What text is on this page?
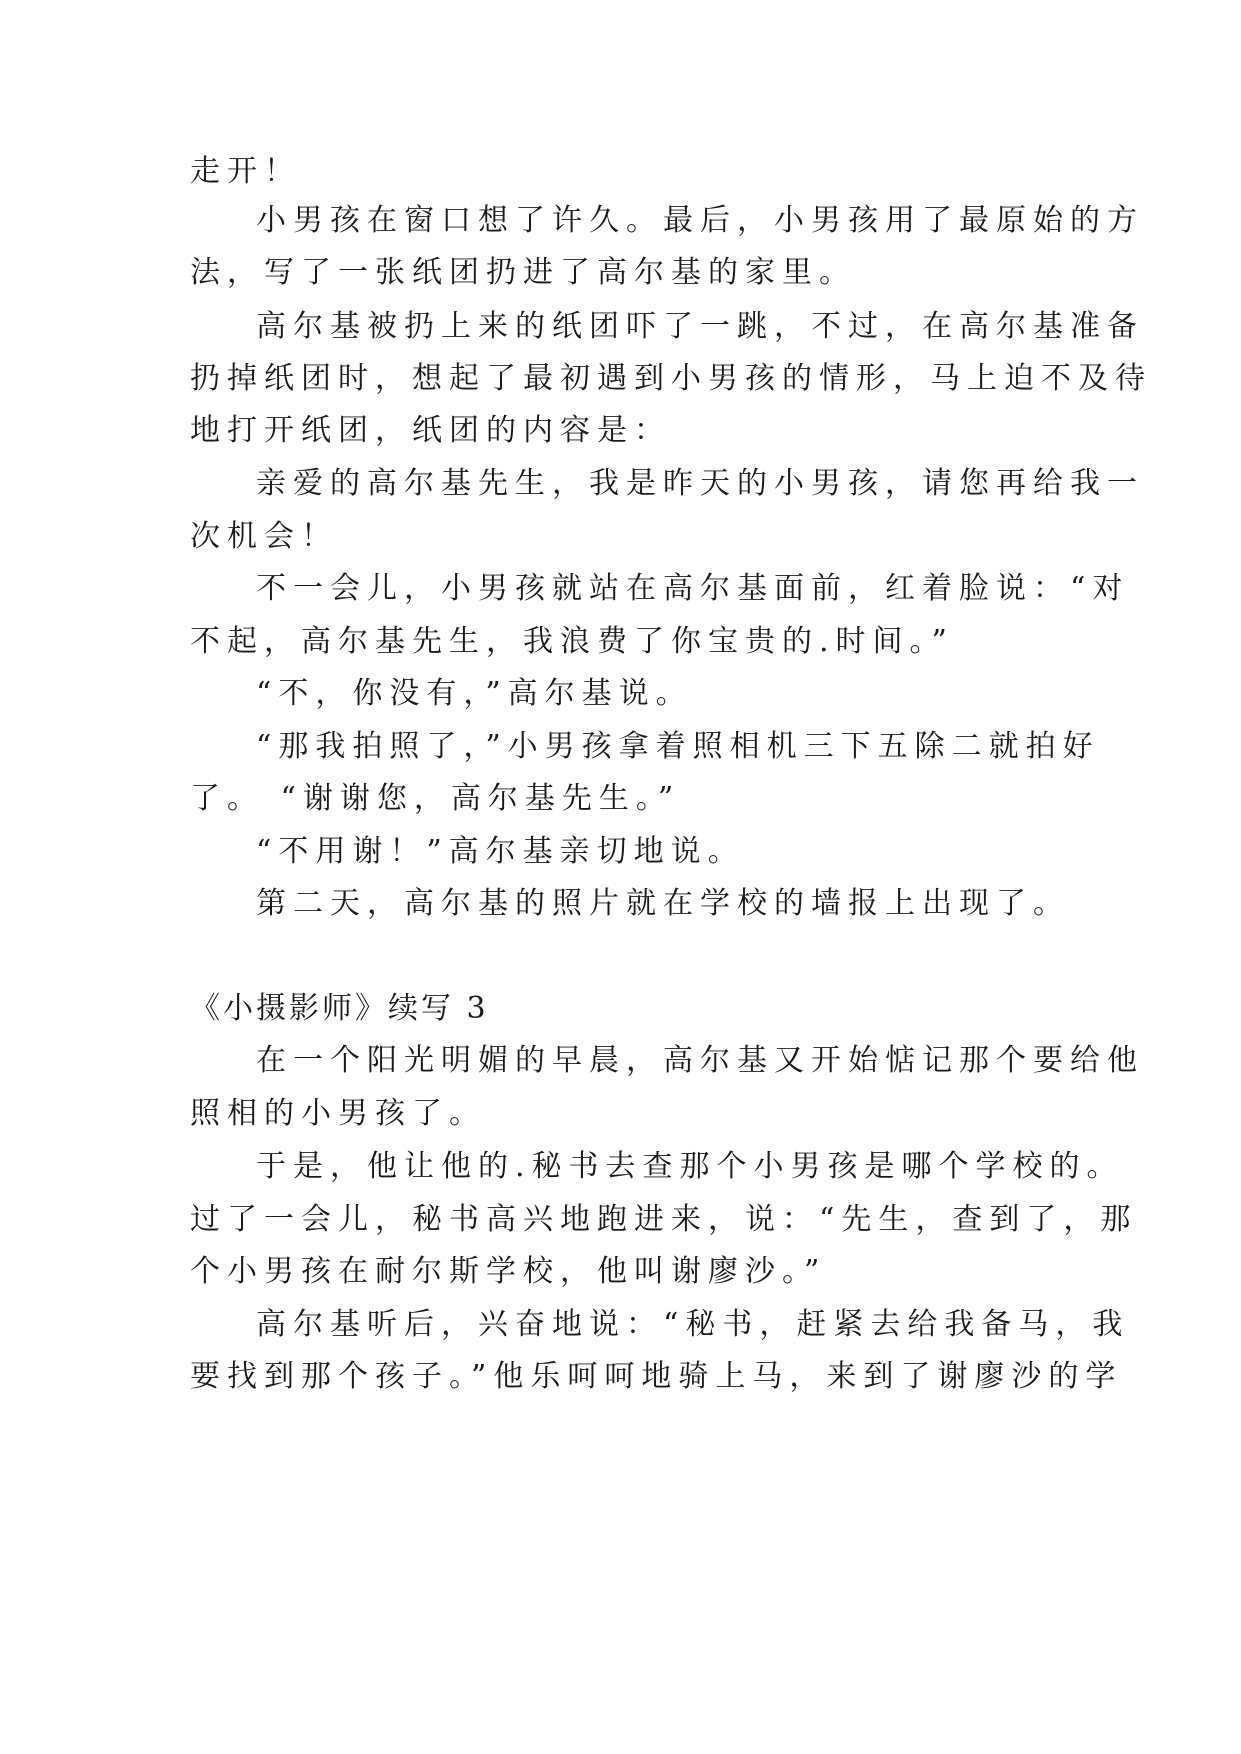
走开！
小男孩在窗口想了许久。最后，小男孩用了最原始的方
法，写了一张纸团扔进了高尔基的家里。
高尔基被扔上来的纸团吓了一跳，不过，在高尔基准备
扔掉纸团时，想起了最初遇到小男孩的情形，马上迫不及待
地打开纸团，纸团的内容是：
亲爱的高尔基先生，我是昨天的小男孩，请您再给我一
次机会！
不一会儿，小男孩就站在高尔基面前，红着脸说：“对
不起，高尔基先生，我浪费了你宝贵的.时间。”
“不，你没有，”高尔基说。
“那我拍照了，”小男孩拿着照相机三下五除二就拍好
了。 “谢谢您，高尔基先生。”
“不用谢！”高尔基亲切地说。
第二天，高尔基的照片就在学校的墙报上出现了。
《小摄影师》续写 3
在一个阳光明媚的早晨，高尔基又开始惦记那个要给他
照相的小男孩了。
于是，他让他的.秘书去查那个小男孩是哪个学校的。
过了一会儿，秘书高兴地跑进来，说：“先生，查到了，那
个小男孩在耐尔斯学校，他叫谢廖沙。”
高尔基听后，兴奋地说：“秘书，赶紧去给我备马，我
要找到那个孩子。”他乐呵呵地骑上马，来到了谢廖沙的学
